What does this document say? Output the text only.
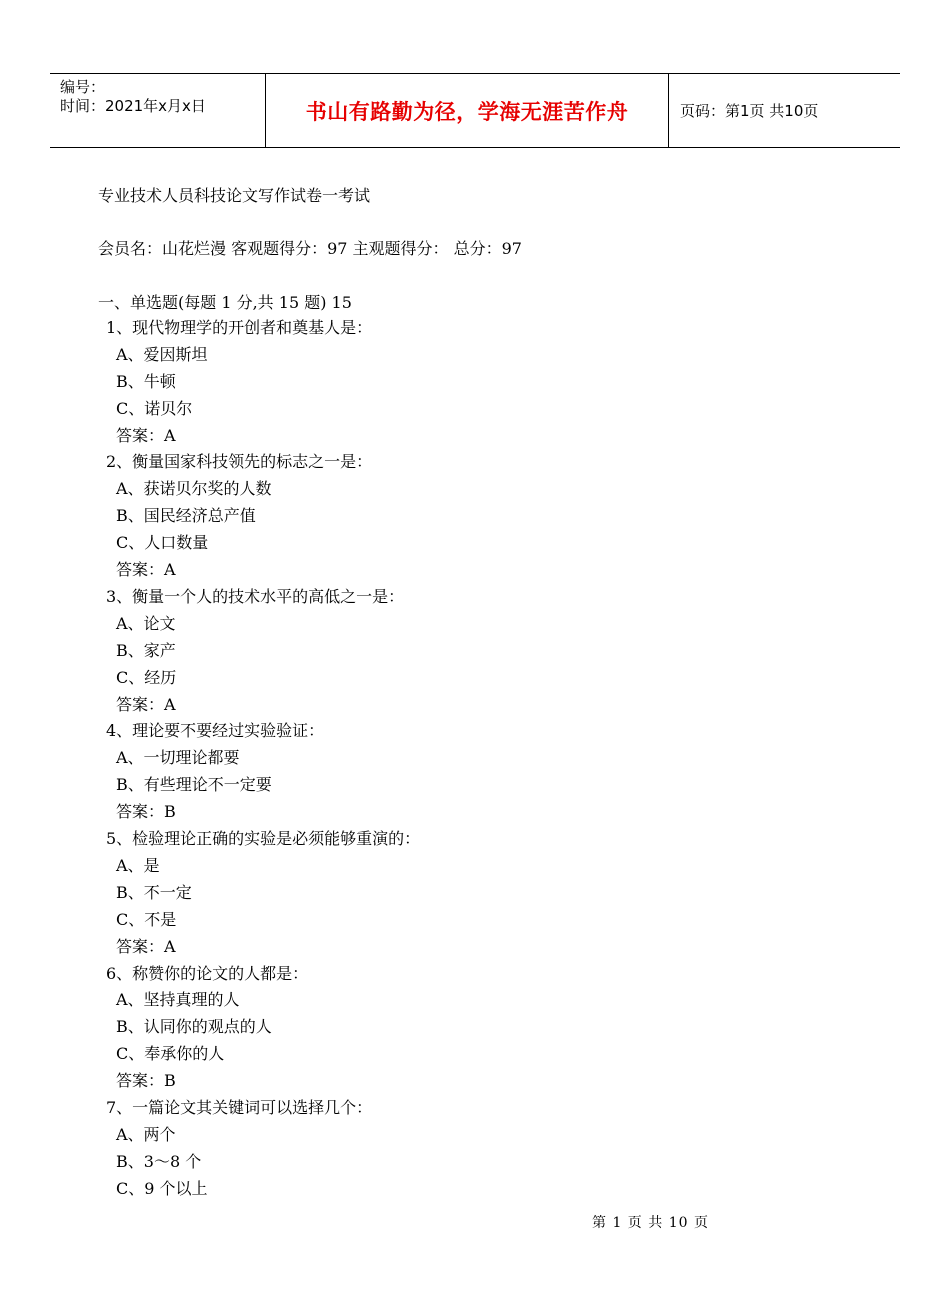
编号：
时间：2021年x月x日	书山有路勤为径，学海无涯苦作舟	页码：第1页 共10页
专业技术人员科技论文写作试卷一考试
会员名：山花烂漫 客观题得分：97 主观题得分： 总分：97
一、单选题(每题 1 分,共 15 题) 15
1、现代物理学的开创者和奠基人是：
A、爱因斯坦
B、牛顿
C、诺贝尔
答案：A
2、衡量国家科技领先的标志之一是：
A、获诺贝尔奖的人数
B、国民经济总产值
C、人口数量
答案：A
3、衡量一个人的技术水平的高低之一是：
A、论文
B、家产
C、经历
答案：A
4、理论要不要经过实验验证：
A、一切理论都要
B、有些理论不一定要
答案：B
5、检验理论正确的实验是必须能够重演的：
A、是
B、不一定
C、不是
答案：A
6、称赞你的论文的人都是：
A、坚持真理的人
B、认同你的观点的人
C、奉承你的人
答案：B
7、一篇论文其关键词可以选择几个：
A、两个
B、3～8 个
C、9 个以上
第 1 页 共 10 页
